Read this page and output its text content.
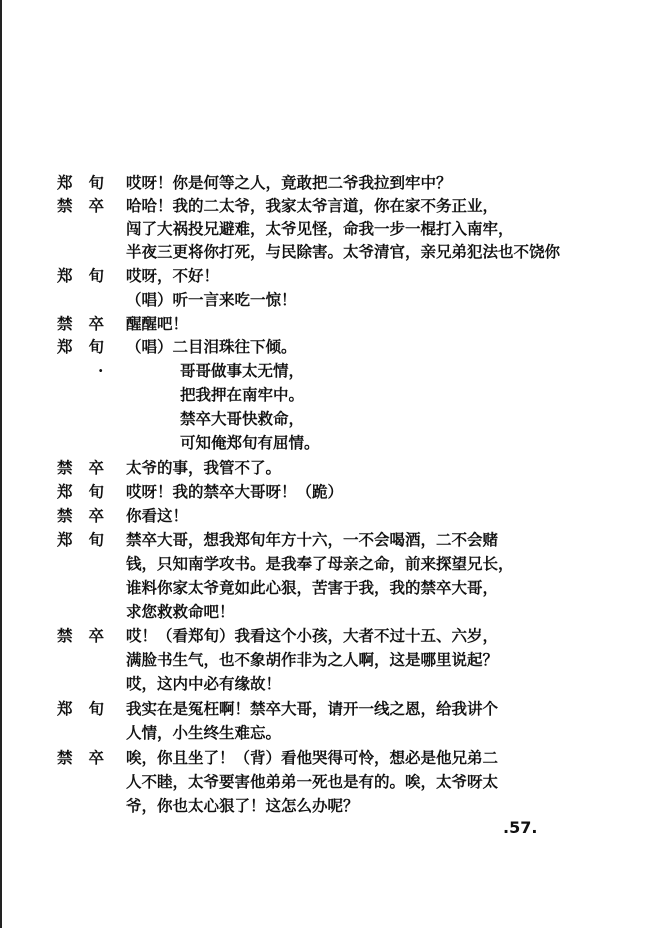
郑旬 哎呀！你是何等之人，竟敢把二爷我拉到牢中？
禁卒 哈哈！我的二太爷，我家太爷言道，你在家不务正业，
闯了大祸投兄避难，太爷见怪，命我一步一棍打入南牢，
半夜三更将你打死，与民除害。太爷清官，亲兄弟犯法也不饶你
郑旬 哎呀，不好！
（唱）听一言来吃一惊！
禁卒 醒醒吧！
郑旬 （唱）二目泪珠往下倾。
·	哥哥做事太无情，
把我押在南牢中。
禁卒大哥快救命，
可知俺郑旬有屈情。
禁卒 太爷的事，我管不了。
郑旬 哎呀！我的禁卒大哥呀！（跪）
禁卒 你看这！
郑旬 禁卒大哥，想我郑旬年方十六，一不会喝酒，二不会赌
钱，只知南学攻书。是我奉了母亲之命，前来探望兄长，
谁料你家太爷竟如此心狠，苦害于我，我的禁卒大哥，
求您救救命吧！
禁卒 哎！（看郑旬）我看这个小孩，大者不过十五、六岁，
满脸书生气，也不象胡作非为之人啊，这是哪里说起？
哎，这内中必有缘故！
郑旬 我实在是冤枉啊！禁卒大哥，请开一线之恩，给我讲个
人情，小生终生难忘。
禁卒 唉，你且坐了！（背）看他哭得可怜，想必是他兄弟二
人不睦，太爷要害他弟弟一死也是有的。唉，太爷呀太
爷，你也太心狠了！这怎么办呢？
.57.
